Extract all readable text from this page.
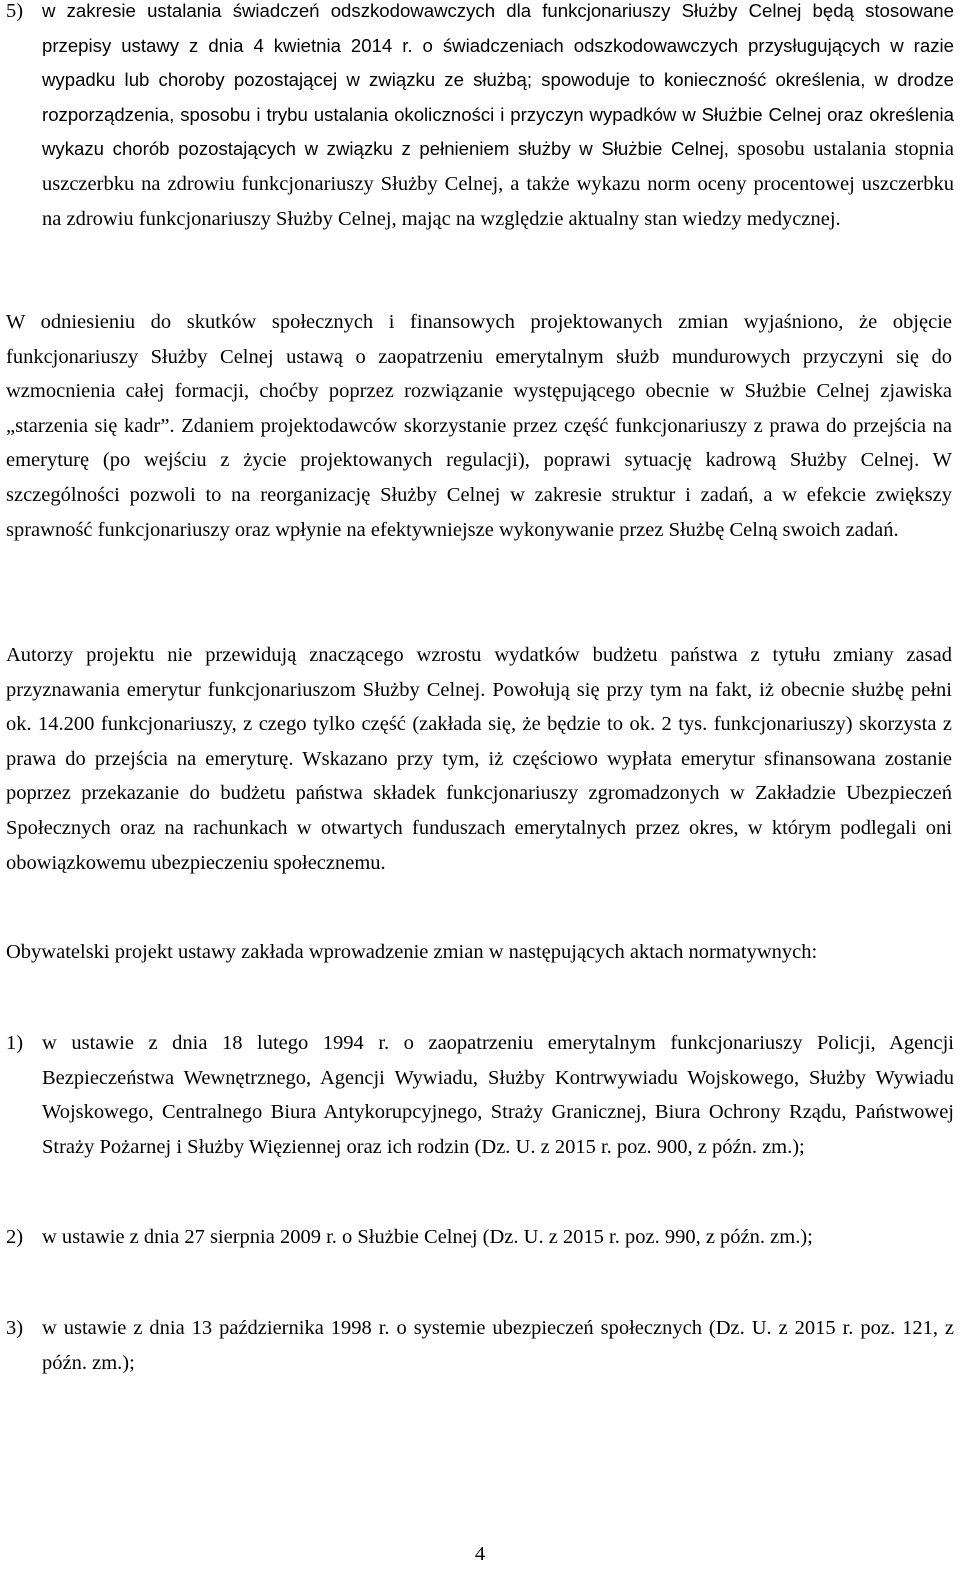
5) w zakresie ustalania świadczeń odszkodowawczych dla funkcjonariuszy Służby Celnej będą stosowane przepisy ustawy z dnia 4 kwietnia 2014 r. o świadczeniach odszkodowawczych przysługujących w razie wypadku lub choroby pozostającej w związku ze służbą; spowoduje to konieczność określenia, w drodze rozporządzenia, sposobu i trybu ustalania okoliczności i przyczyn wypadków w Służbie Celnej oraz określenia wykazu chorób pozostających w związku z pełnieniem służby w Służbie Celnej, sposobu ustalania stopnia uszczerbku na zdrowiu funkcjonariuszy Służby Celnej, a także wykazu norm oceny procentowej uszczerbku na zdrowiu funkcjonariuszy Służby Celnej, mając na względzie aktualny stan wiedzy medycznej.

W odniesieniu do skutków społecznych i finansowych projektowanych zmian wyjaśniono, że objęcie funkcjonariuszy Służby Celnej ustawą o zaopatrzeniu emerytalnym służb mundurowych przyczyni się do wzmocnienia całej formacji, choćby poprzez rozwiązanie występującego obecnie w Służbie Celnej zjawiska „starzenia się kadr”. Zdaniem projektodawców skorzystanie przez część funkcjonariuszy z prawa do przejścia na emeryturę (po wejściu z życie projektowanych regulacji), poprawi sytuację kadrową Służby Celnej. W szczególności pozwoli to na reorganizację Służby Celnej w zakresie struktur i zadań, a w efekcie zwiększy sprawność funkcjonariuszy oraz wpłynie na efektywniejsze wykonywanie przez Służbę Celną swoich zadań.

Autorzy projektu nie przewidują znaczącego wzrostu wydatków budżetu państwa z tytułu zmiany zasad przyznawania emerytur funkcjonariuszom Służby Celnej. Powołują się przy tym na fakt, iż obecnie służbę pełni ok. 14.200 funkcjonariuszy, z czego tylko część (zakłada się, że będzie to ok. 2 tys. funkcjonariuszy) skorzysta z prawa do przejścia na emeryturę. Wskazano przy tym, iż częściowo wypłata emerytur sfinansowana zostanie poprzez przekazanie do budżetu państwa składek funkcjonariuszy zgromadzonych w Zakładzie Ubezpieczeń Społecznych oraz na rachunkach w otwartych funduszach emerytalnych przez okres, w którym podlegali oni obowiązkowemu ubezpieczeniu społecznemu.

Obywatelski projekt ustawy zakłada wprowadzenie zmian w następujących aktach normatywnych:

1) w ustawie z dnia 18 lutego 1994 r. o zaopatrzeniu emerytalnym funkcjonariuszy Policji, Agencji Bezpieczeństwa Wewnętrznego, Agencji Wywiadu, Służby Kontrwywiadu Wojskowego, Służby Wywiadu Wojskowego, Centralnego Biura Antykorupcyjnego, Straży Granicznej, Biura Ochrony Rządu, Państwowej Straży Pożarnej i Służby Więziennej oraz ich rodzin (Dz. U. z 2015 r. poz. 900, z późn. zm.);
2) w ustawie z dnia 27 sierpnia 2009 r. o Służbie Celnej (Dz. U. z 2015 r. poz. 990, z późn. zm.);
3) w ustawie z dnia 13 października 1998 r. o systemie ubezpieczeń społecznych (Dz. U. z 2015 r. poz. 121, z późn. zm.);
4
